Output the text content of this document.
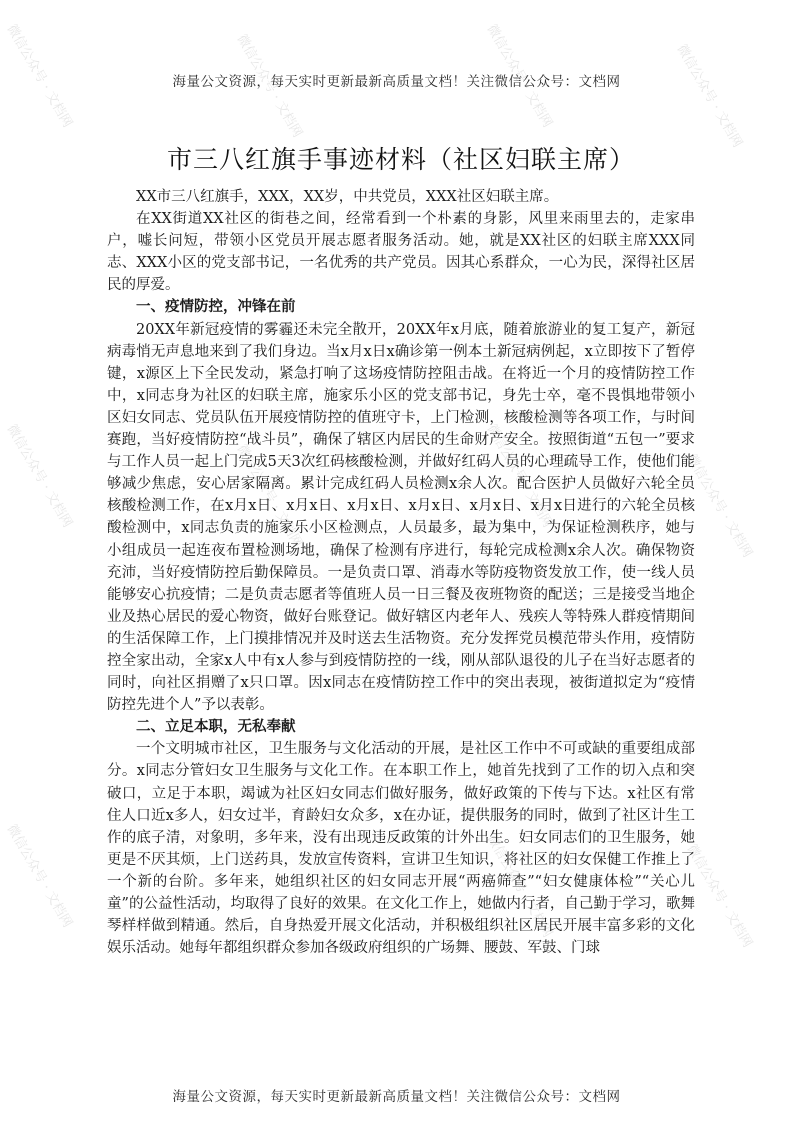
微信公众号 · 文档网	微信公众号 · 文档网	微信公众号 · 文档网	微信公众号 · 文档网
微信公众号 · 文档网	微信公众号 · 文档网	微信公众号 · 文档网	微信公众号 · 文档网
微信公众号 · 文档网	微信公众号 · 文档网	微信公众号 · 文档网
海量公文资源，每天实时更新最新高质量文档！关注微信公众号：文档网
市三八红旗手事迹材料（社区妇联主席）

XX市三八红旗手，XXX，XX岁，中共党员，XXX社区妇联主席。

在XX街道XX社区的街巷之间，经常看到一个朴素的身影，风里来雨里去的，走家串户，嘘长问短，带领小区党员开展志愿者服务活动。她，就是XX社区的妇联主席XXX同志、XXX小区的党支部书记，一名优秀的共产党员。因其心系群众，一心为民，深得社区居民的厚爱。

一、疫情防控，冲锋在前

20XX年新冠疫情的雾霾还未完全散开，20XX年x月底，随着旅游业的复工复产，新冠病毒悄无声息地来到了我们身边。当x月x日x确诊第一例本土新冠病例起，x立即按下了暂停键，x源区上下全民发动，紧急打响了这场疫情防控阻击战。在将近一个月的疫情防控工作中，x同志身为社区的妇联主席，施家乐小区的党支部书记，身先士卒，毫不畏惧地带领小区妇女同志、党员队伍开展疫情防控的值班守卡，上门检测，核酸检测等各项工作，与时间赛跑，当好疫情防控“战斗员”，确保了辖区内居民的生命财产安全。按照街道“五包一”要求与工作人员一起上门完成5天3次红码核酸检测，并做好红码人员的心理疏导工作，使他们能够减少焦虑，安心居家隔离。累计完成红码人员检测x余人次。配合医护人员做好六轮全员核酸检测工作，在x月x日、x月x日、x月x日、x月x日、x月x日、x月x日进行的六轮全员核酸检测中，x同志负责的施家乐小区检测点，人员最多，最为集中，为保证检测秩序，她与小组成员一起连夜布置检测场地，确保了检测有序进行，每轮完成检测x余人次。确保物资充沛，当好疫情防控后勤保障员。一是负责口罩、消毒水等防疫物资发放工作，使一线人员能够安心抗疫情；二是负责志愿者等值班人员一日三餐及夜班物资的配送；三是接受当地企业及热心居民的爱心物资，做好台账登记。做好辖区内老年人、残疾人等特殊人群疫情期间的生活保障工作，上门摸排情况并及时送去生活物资。充分发挥党员模范带头作用，疫情防控全家出动，全家x人中有x人参与到疫情防控的一线，刚从部队退役的儿子在当好志愿者的同时，向社区捐赠了x只口罩。因x同志在疫情防控工作中的突出表现，被街道拟定为“疫情防控先进个人”予以表彰。

二、立足本职，无私奉献

一个文明城市社区，卫生服务与文化活动的开展，是社区工作中不可或缺的重要组成部分。x同志分管妇女卫生服务与文化工作。在本职工作上，她首先找到了工作的切入点和突破口，立足于本职，竭诚为社区妇女同志们做好服务，做好政策的下传与下达。x社区有常住人口近x多人，妇女过半，育龄妇女众多，x在办证，提供服务的同时，做到了社区计生工作的底子清，对象明，多年来，没有出现违反政策的计外出生。妇女同志们的卫生服务，她更是不厌其烦，上门送药具，发放宣传资料，宣讲卫生知识，将社区的妇女保健工作推上了一个新的台阶。多年来，她组织社区的妇女同志开展“两癌筛查”“妇女健康体检”“关心儿童”的公益性活动，均取得了良好的效果。在文化工作上，她做内行者，自己勤于学习，歌舞琴样样做到精通。然后，自身热爱开展文化活动，并积极组织社区居民开展丰富多彩的文化娱乐活动。她每年都组织群众参加各级政府组织的广场舞、腰鼓、军鼓、门球

海量公文资源，每天实时更新最新高质量文档！关注微信公众号：文档网
